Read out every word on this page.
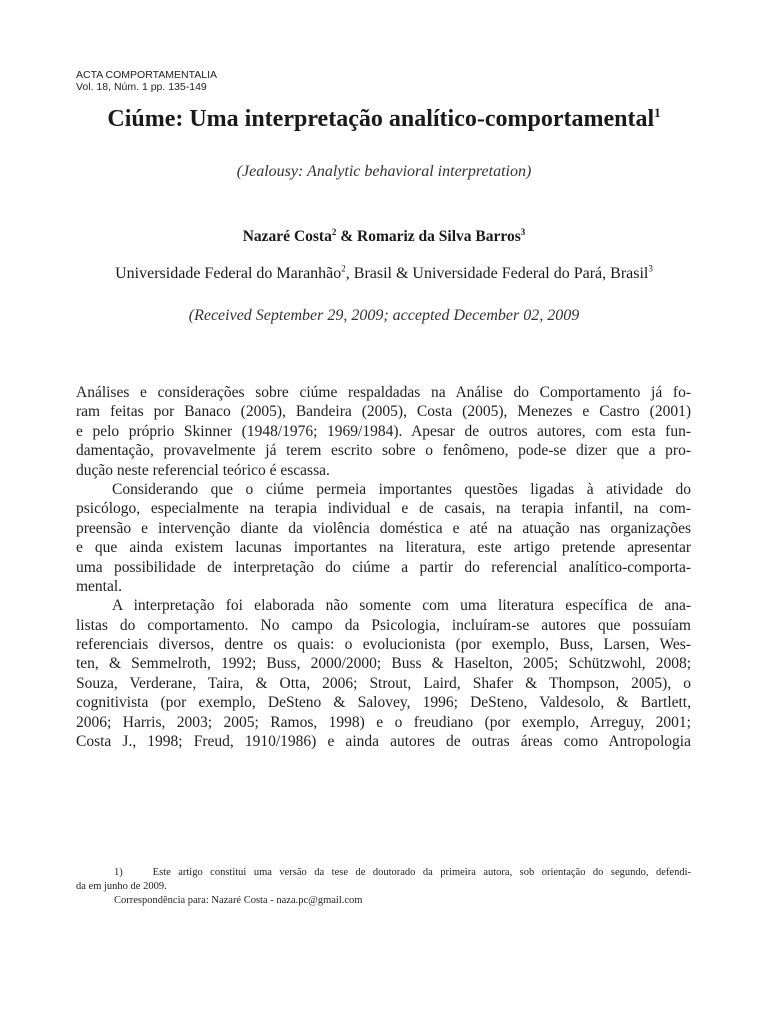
ACTA COMPORTAMENTALIA
Vol. 18, Núm. 1 pp. 135-149
Ciúme: Uma interpretação analítico-comportamental$^1$
(Jealousy: Analytic behavioral interpretation)
Nazaré Costa$^2$ & Romariz da Silva Barros$^3$
Universidade Federal do Maranhão$^2$, Brasil & Universidade Federal do Pará, Brasil$^3$
(Received September 29, 2009; accepted December 02, 2009
Análises e considerações sobre ciúme respaldadas na Análise do Comportamento já fo-
ram feitas por Banaco (2005), Bandeira (2005), Costa (2005), Menezes e Castro (2001)
e pelo próprio Skinner (1948/1976; 1969/1984). Apesar de outros autores, com esta fun-
damentação, provavelmente já terem escrito sobre o fenômeno, pode-se dizer que a pro-
dução neste referencial teórico é escassa.
Considerando que o ciúme permeia importantes questões ligadas à atividade do
psicólogo, especialmente na terapia individual e de casais, na terapia infantil, na com-
preensão e intervenção diante da violência doméstica e até na atuação nas organizações
e que ainda existem lacunas importantes na literatura, este artigo pretende apresentar
uma possibilidade de interpretação do ciúme a partir do referencial analítico-comporta-
mental.
A interpretação foi elaborada não somente com uma literatura específica de ana-
listas do comportamento. No campo da Psicologia, incluíram-se autores que possuíam
referenciais diversos, dentre os quais: o evolucionista (por exemplo, Buss, Larsen, Wes-
ten, & Semmelroth, 1992; Buss, 2000/2000; Buss & Haselton, 2005; Schützwohl, 2008;
Souza, Verderane, Taira, & Otta, 2006; Strout, Laird, Shafer & Thompson, 2005), o
cognitivista (por exemplo, DeSteno & Salovey, 1996; DeSteno, Valdesolo, & Bartlett,
2006; Harris, 2003; 2005; Ramos, 1998) e o freudiano (por exemplo, Arreguy, 2001;
Costa J., 1998; Freud, 1910/1986) e ainda autores de outras áreas como Antropologia
1)    Este artigo constitui uma versão da tese de doutorado da primeira autora, sob orientação do segundo, defendi-
da em junho de 2009.
Correspondência para: Nazaré Costa - naza.pc@gmail.com
